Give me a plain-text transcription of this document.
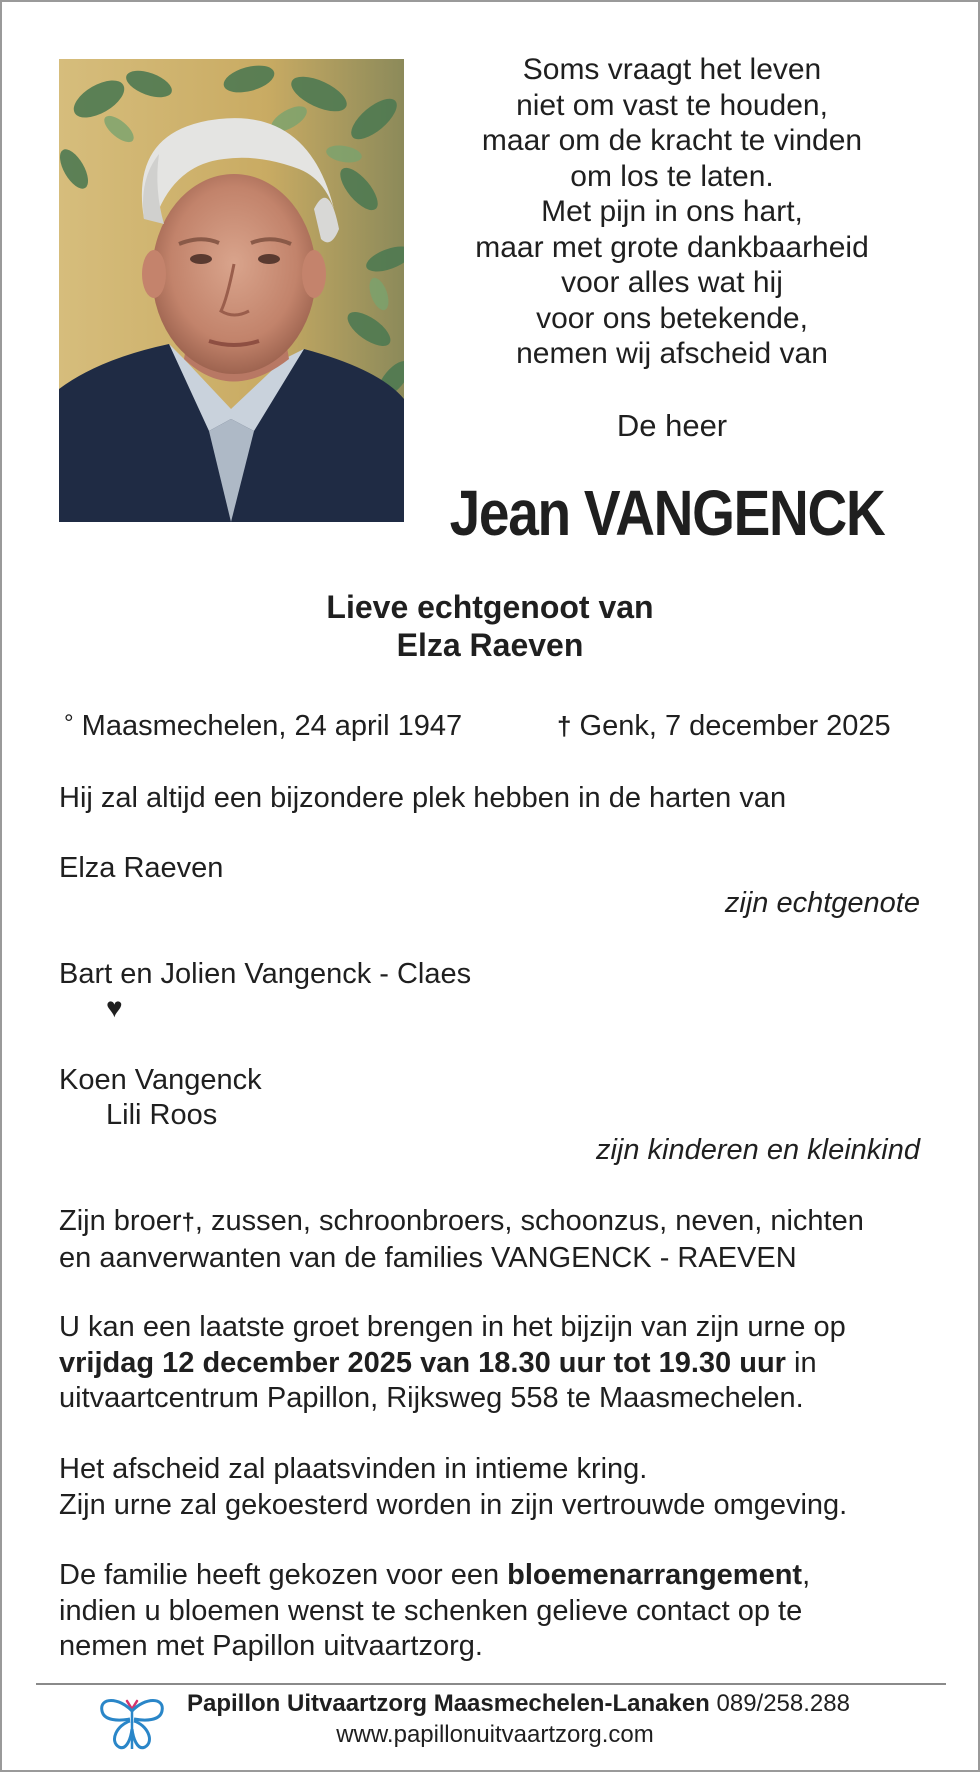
Soms vraagt het leven
niet om vast te houden,
maar om de kracht te vinden
om los te laten.
Met pijn in ons hart,
maar met grote dankbaarheid
voor alles wat hij
voor ons betekende,
nemen wij afscheid van
De heer
Jean VANGENCK
Lieve echtgenoot van
Elza Raeven
° Maasmechelen, 24 april 1947	† Genk, 7 december 2025
Hij zal altijd een bijzondere plek hebben in de harten van
Elza Raeven
zijn echtgenote
Bart en Jolien Vangenck - Claes
♥
Koen Vangenck
Lili Roos
zijn kinderen en kleinkind
Zijn broer†, zussen, schroonbroers, schoonzus, neven, nichten
en aanverwanten van de families VANGENCK - RAEVEN
U kan een laatste groet brengen in het bijzijn van zijn urne op
vrijdag 12 december 2025 van 18.30 uur tot 19.30 uur in
uitvaartcentrum Papillon, Rijksweg 558 te Maasmechelen.
Het afscheid zal plaatsvinden in intieme kring.
Zijn urne zal gekoesterd worden in zijn vertrouwde omgeving.
De familie heeft gekozen voor een bloemenarrangement,
indien u bloemen wenst te schenken gelieve contact op te
nemen met Papillon uitvaartzorg.
Papillon Uitvaartzorg Maasmechelen-Lanaken 089/258.288
www.papillonuitvaartzorg.com
